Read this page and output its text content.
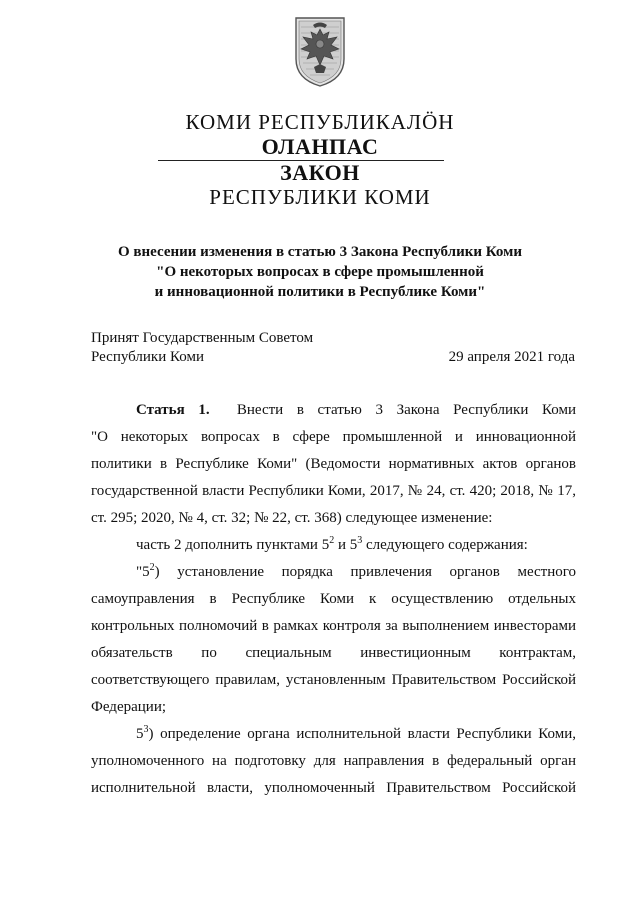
КОМИ РЕСПУБЛИКАЛӦН
ОЛАНПАС
ЗАКОН
РЕСПУБЛИКИ КОМИ
О внесении изменения в статью 3 Закона Республики Коми
"О некоторых вопросах в сфере промышленной
и инновационной политики в Республике Коми"
Принят Государственным Советом
Республики Коми	29 апреля 2021 года
Статья 1. Внести в статью 3 Закона Республики Коми
"О некоторых вопросах в сфере промышленной и инновационной
политики в Республике Коми" (Ведомости нормативных актов органов
государственной власти Республики Коми, 2017, № 24, ст. 420; 2018, № 17,
ст. 295; 2020, № 4, ст. 32; № 22, ст. 368) следующее изменение:
часть 2 дополнить пунктами $5^2$ и $5^3$ следующего содержания:
"$5^2$) установление порядка привлечения органов местного
самоуправления в Республике Коми к осуществлению отдельных
контрольных полномочий в рамках контроля за выполнением инвесторами
обязательств по специальным инвестиционным контрактам,
соответствующего правилам, установленным Правительством Российской
Федерации;
$5^3$) определение органа исполнительной власти Республики Коми,
уполномоченного на подготовку для направления в федеральный орган
исполнительной власти, уполномоченный Правительством Российской
